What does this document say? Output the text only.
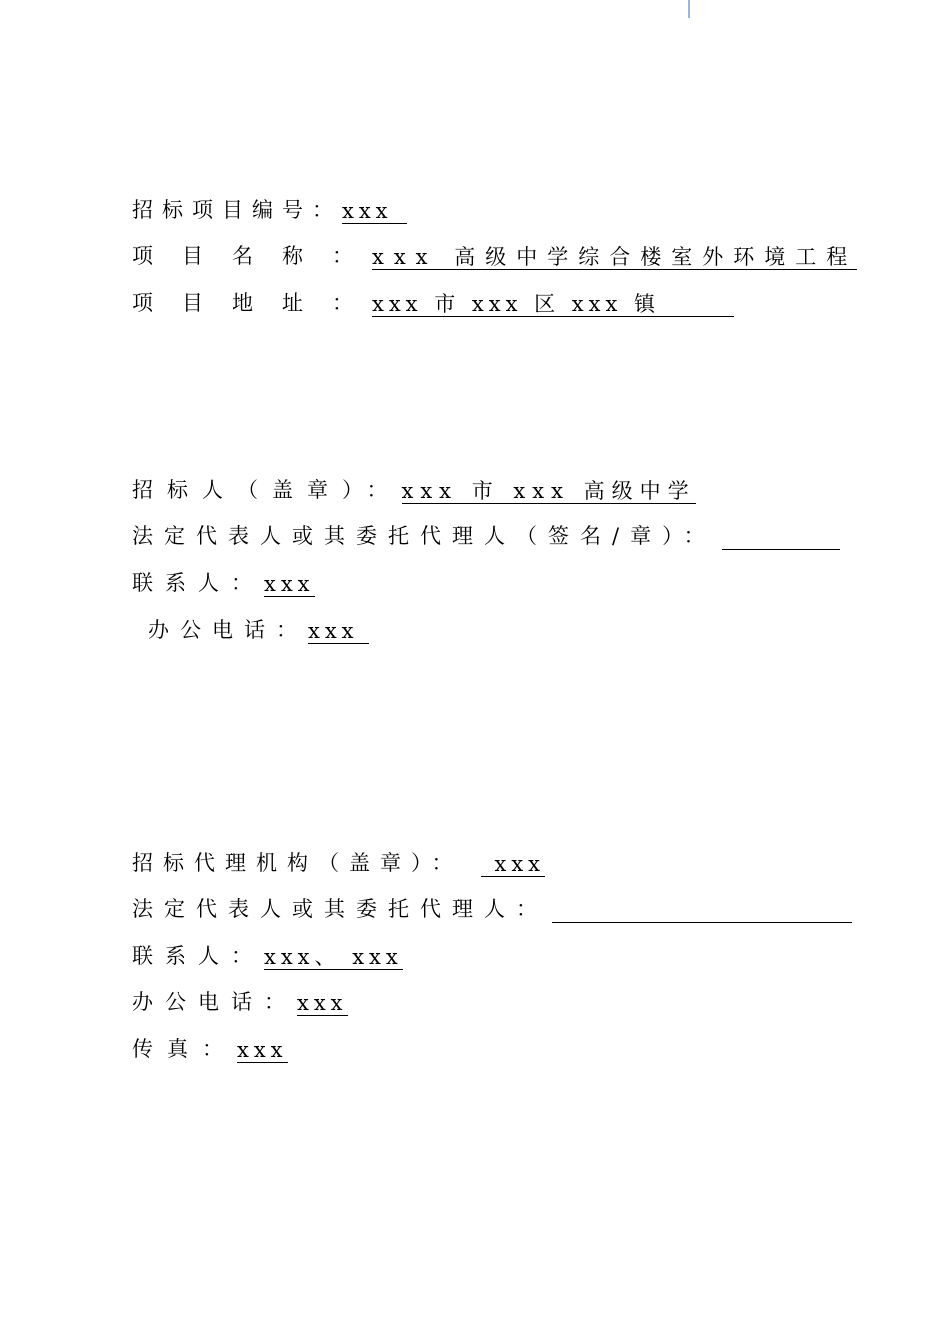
招标项目编号： xxx
项目名称：
xxx 高级中学综合楼室外环境工程
项目地址：
xxx 市 xxx 区 xxx 镇
招标人（盖章）： xxx 市 xxx 高级中学
法定代表人或其委托代理人（签名/章）：
联系人： xxx
办公电话： xxx
招标代理机构（盖章）：	xxx
法定代表人或其委托代理人：
联系人： xxx、 xxx
办公电话： xxx
传真： xxx
